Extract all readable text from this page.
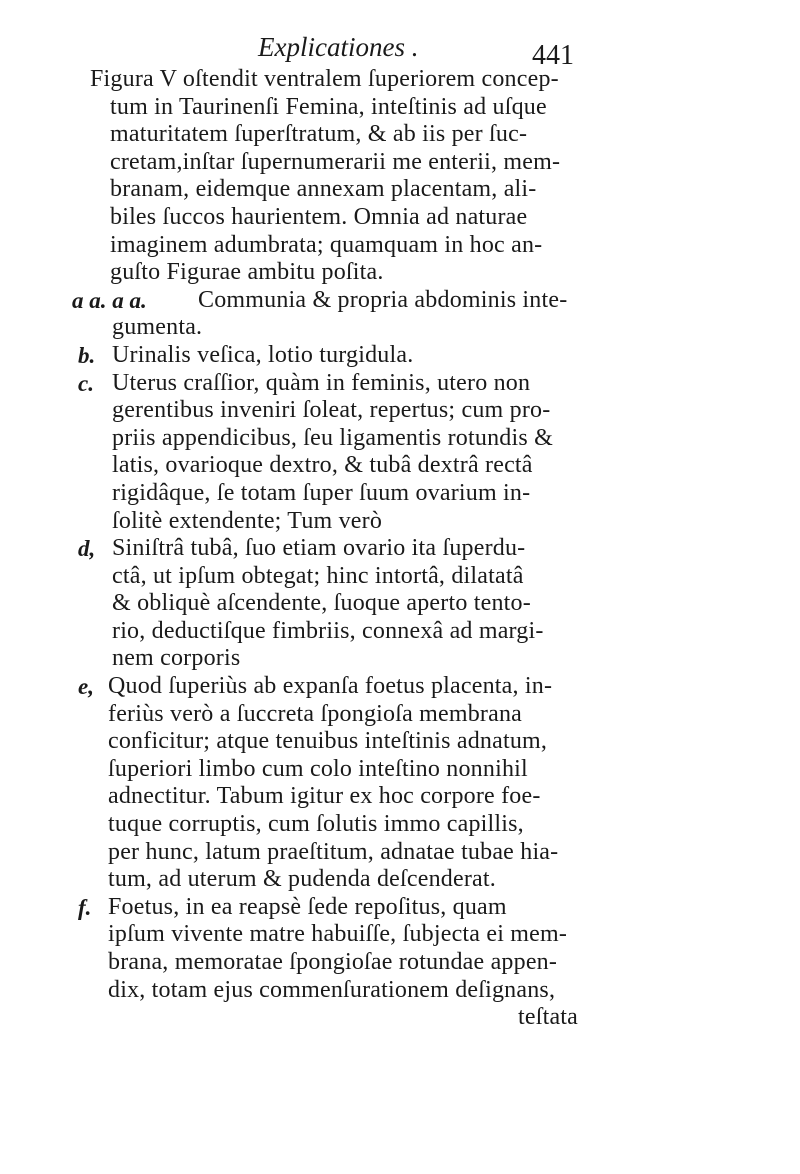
Explicationes .	441
Figura V oſtendit ventralem ſuperiorem concep-
tum in Taurinenſi Femina, inteſtinis ad uſque
maturitatem ſuperſtratum, & ab iis per ſuc-
cretam,inſtar ſupernumerarii me enterii, mem-
branam, eidemque annexam placentam, ali-
biles ſuccos haurientem. Omnia ad naturae
imaginem adumbrata; quamquam in hoc an-
guſto Figurae ambitu poſita.
a a. a a.	Communia & propria abdominis inte-
gumenta.
b. Urinalis veſica, lotio turgidula.
c. Uterus craſſior, quàm in feminis, utero non
gerentibus inveniri ſoleat, repertus; cum pro-
priis appendicibus, ſeu ligamentis rotundis &
latis, ovarioque dextro, & tubâ dextrâ rectâ
rigidâque, ſe totam ſuper ſuum ovarium in-
ſolitè extendente; Tum verò
d, Siniſtrâ tubâ, ſuo etiam ovario ita ſuperdu-
ctâ, ut ipſum obtegat; hinc intortâ, dilatatâ
& obliquè aſcendente, ſuoque aperto tento-
rio, deductiſque fimbriis, connexâ ad margi-
nem corporis
e, Quod ſuperiùs ab expanſa foetus placenta, in-
feriùs verò a ſuccreta ſpongioſa membrana
conficitur; atque tenuibus inteſtinis adnatum,
ſuperiori limbo cum colo inteſtino nonnihil
adnectitur. Tabum igitur ex hoc corpore foe-
tuque corruptis, cum ſolutis immo capillis,
per hunc, latum praeſtitum, adnatae tubae hia-
tum, ad uterum & pudenda deſcenderat.
f. Foetus, in ea reapsè ſede repoſitus, quam
ipſum vivente matre habuiſſe, ſubjecta ei mem-
brana, memoratae ſpongioſae rotundae appen-
dix, totam ejus commenſurationem deſignans,
teſtata
